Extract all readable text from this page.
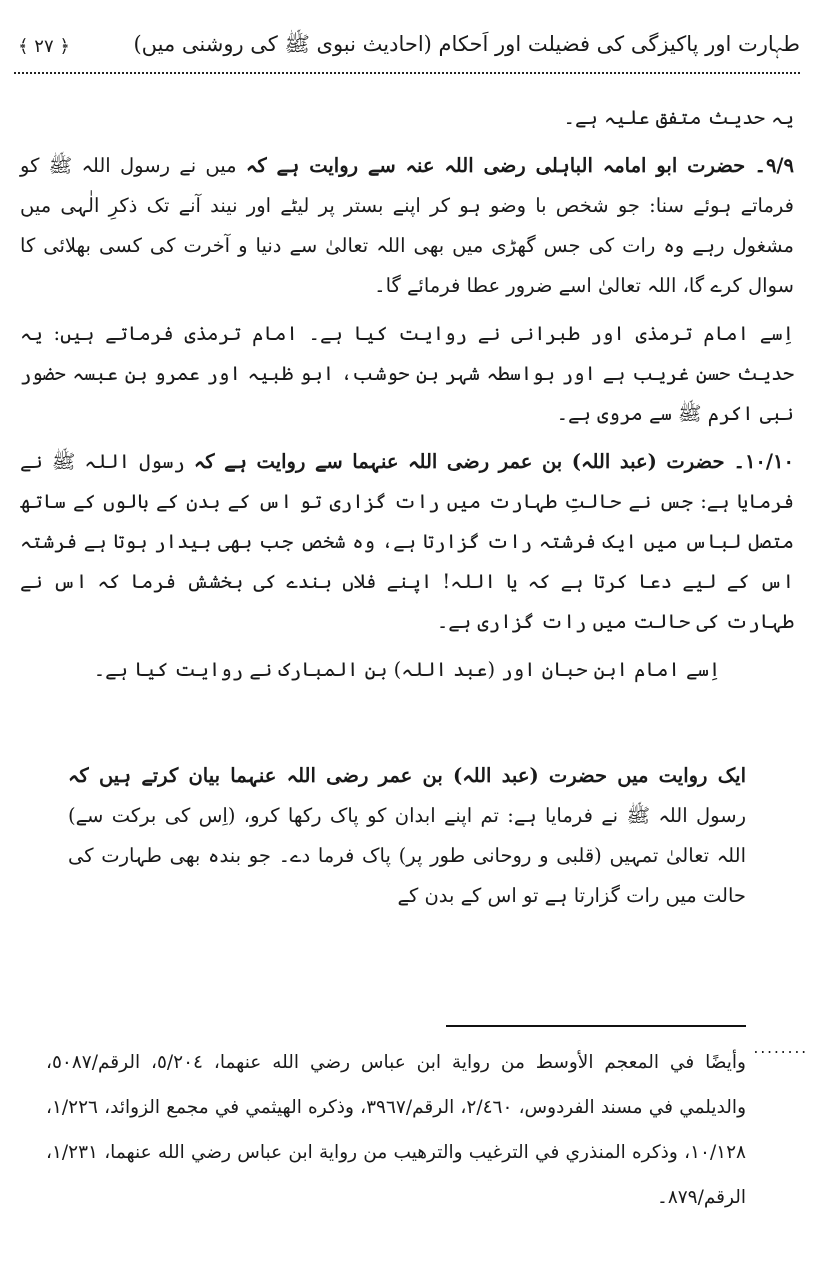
طہارت اور پاکیزگی کی فضیلت اور اَحکام (احادیث نبوی ﷺ کی روشنی میں)
﴿ ۲۷ ﴾

یہ حدیث متفق علیہ ہے۔

۹/۹۔ حضرت ابو امامہ الباہلی رضی اللہ عنہ سے روایت ہے کہ میں نے رسول اللہ ﷺ کو فرماتے ہوئے سنا: جو شخص با وضو ہو کر اپنے بستر پر لیٹے اور نیند آنے تک ذکرِ الٰہی میں مشغول رہے وہ رات کی جس گھڑی میں بھی اللہ تعالیٰ سے دنیا و آخرت کی کسی بھلائی کا سوال کرے گا، اللہ تعالیٰ اسے ضرور عطا فرمائے گا۔

اِسے امام ترمذی اور طبرانی نے روایت کیا ہے۔ امام ترمذی فرماتے ہیں: یہ حدیث حسن غریب ہے اور بواسطہ شہر بن حوشب، ابو ظبیہ اور عمرو بن عبسہ حضور نبی اکرم ﷺ سے مروی ہے۔

۱۰/۱۰۔ حضرت (عبد اللہ) بن عمر رضی اللہ عنہما سے روایت ہے کہ رسول اللہ ﷺ نے فرمایا ہے: جس نے حالتِ طہارت میں رات گزاری تو اس کے بدن کے بالوں کے ساتھ متصل لباس میں ایک فرشتہ رات گزارتا ہے، وہ شخص جب بھی بیدار ہوتا ہے فرشتہ اس کے لیے دعا کرتا ہے کہ یا اللہ! اپنے فلاں بندے کی بخشش فرما کہ اس نے طہارت کی حالت میں رات گزاری ہے۔

اِسے امام ابن حبان اور (عبد اللہ) بن المبارک نے روایت کیا ہے۔

ایک روایت میں حضرت (عبد اللہ) بن عمر رضی اللہ عنہما بیان کرتے ہیں کہ رسول اللہ ﷺ نے فرمایا ہے: تم اپنے ابدان کو پاک رکھا کرو، (اِس کی برکت سے) اللہ تعالیٰ تمہیں (قلبی و روحانی طور پر) پاک فرما دے۔ جو بندہ بھی طہارت کی حالت میں رات گزارتا ہے تو اس کے بدن کے

........
وأيضًا في المعجم الأوسط من رواية ابن عباس رضي الله عنهما، ٥/٢٠٤، الرقم/٥٠٨٧، والديلمي في مسند الفردوس، ٢/٤٦٠، الرقم/٣٩٦٧، وذكره الهيثمي في مجمع الزوائد، ١/٢٢٦، ١٠/١٢٨، وذكره المنذري في الترغيب والترهيب من رواية ابن عباس رضي الله عنهما، ١/٢٣١، الرقم/٨٧٩۔
